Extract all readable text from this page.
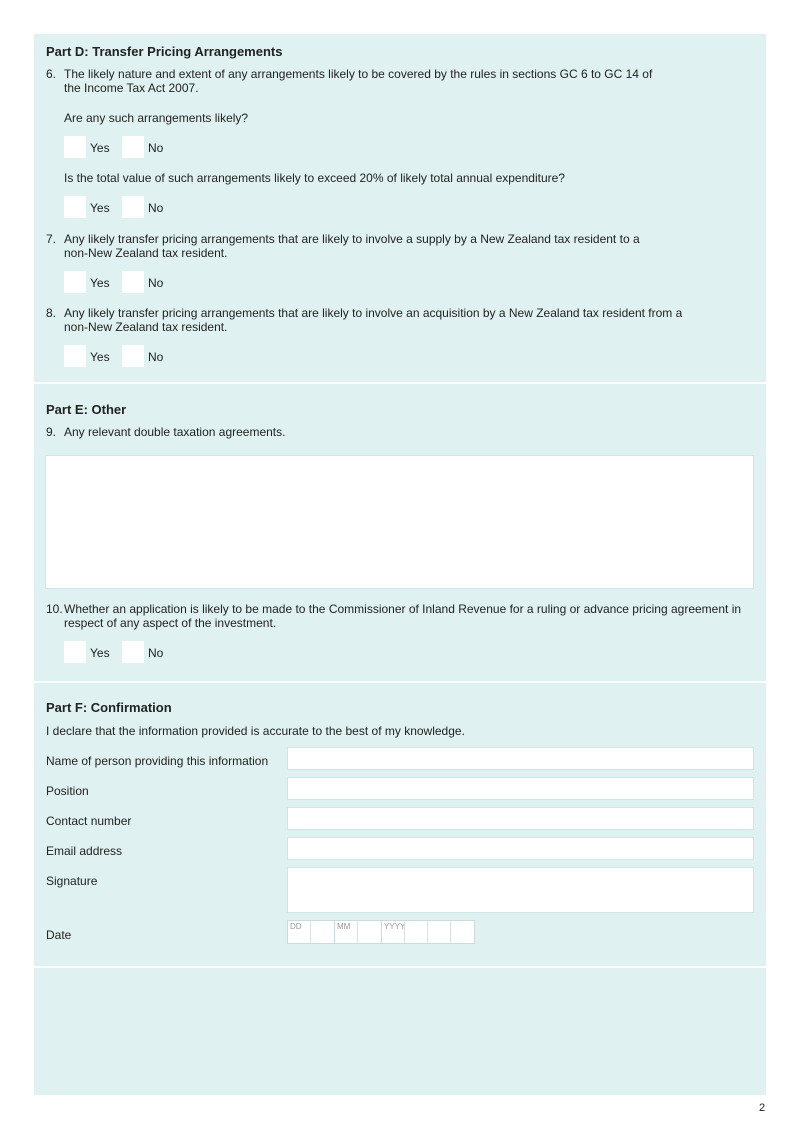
Part D: Transfer Pricing Arrangements
6. The likely nature and extent of any arrangements likely to be covered by the rules in sections GC 6 to GC 14 of the Income Tax Act 2007.
Are any such arrangements likely?
Yes	No
Is the total value of such arrangements likely to exceed 20% of likely total annual expenditure?
Yes	No
7. Any likely transfer pricing arrangements that are likely to involve a supply by a New Zealand tax resident to a non-New Zealand tax resident.
Yes	No
8. Any likely transfer pricing arrangements that are likely to involve an acquisition by a New Zealand tax resident from a non-New Zealand tax resident.
Yes	No
Part E: Other
9. Any relevant double taxation agreements.
10. Whether an application is likely to be made to the Commissioner of Inland Revenue for a ruling or advance pricing agreement in respect of any aspect of the investment.
Yes	No
Part F: Confirmation
I declare that the information provided is accurate to the best of my knowledge.
Name of person providing this information
Position
Contact number
Email address
Signature
Date
DD	MM	YYYY
2
